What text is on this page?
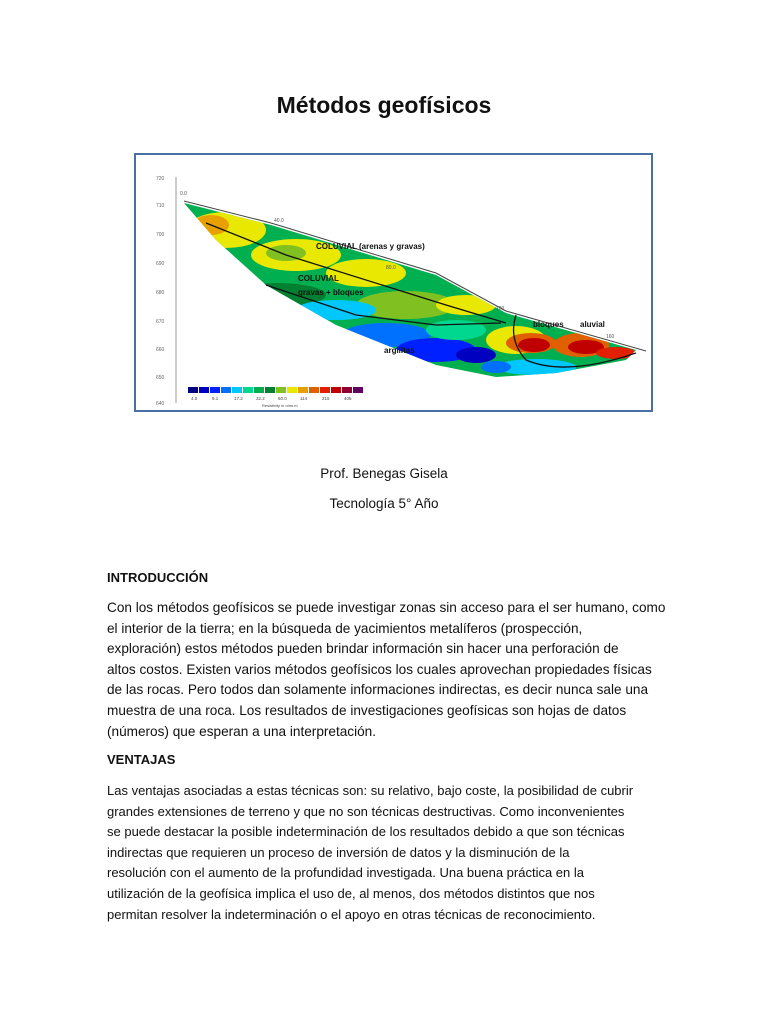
Métodos geofísicos
720
710
700
690
680
670
660
650
640
0.0
40.0
80.0
120
160
COLUVIAL (arenas y gravas)
COLUVIAL
gravas + bloques
bloques aluvial
argilitas
4.0	9.1	17.2	32.2	60.0	114	215	405
Resistivity in ohm.m
Prof. Benegas Gisela
Tecnología 5° Año
INTRODUCCIÓN

Con los métodos geofísicos se puede investigar zonas sin acceso para el ser humano, como
el interior de la tierra; en la búsqueda de yacimientos metalíferos (prospección,
exploración) estos métodos pueden brindar información sin hacer una perforación de
altos costos. Existen varios métodos geofísicos los cuales aprovechan propiedades físicas
de las rocas. Pero todos dan solamente informaciones indirectas, es decir nunca sale una
muestra de una roca. Los resultados de investigaciones geofísicas son hojas de datos
(números) que esperan a una interpretación.

VENTAJAS

Las ventajas asociadas a estas técnicas son: su relativo, bajo coste, la posibilidad de cubrir
grandes extensiones de terreno y que no son técnicas destructivas. Como inconvenientes
se puede destacar la posible indeterminación de los resultados debido a que son técnicas
indirectas que requieren un proceso de inversión de datos y la disminución de la
resolución con el aumento de la profundidad investigada. Una buena práctica en la
utilización de la geofísica implica el uso de, al menos, dos métodos distintos que nos
permitan resolver la indeterminación o el apoyo en otras técnicas de reconocimiento.
